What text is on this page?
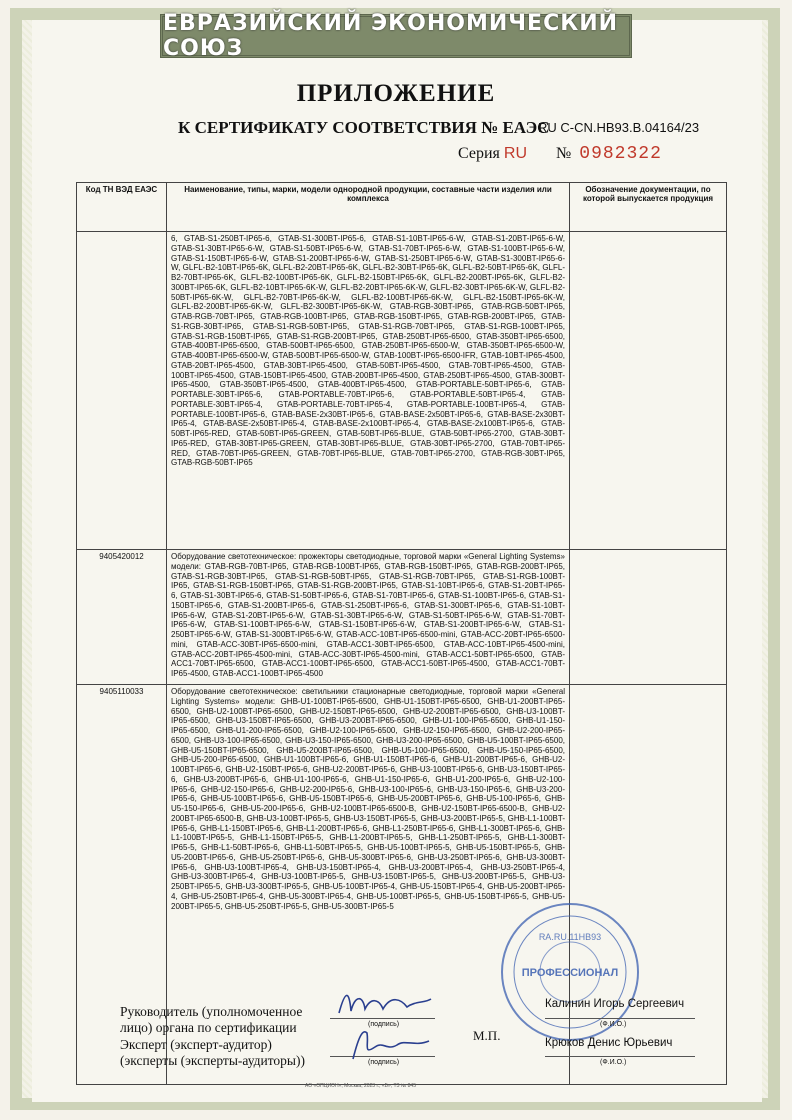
ЕВРАЗИЙСКИЙ ЭКОНОМИЧЕСКИЙ СОЮЗ
ПРИЛОЖЕНИЕ
К СЕРТИФИКАТУ СООТВЕТСТВИЯ № ЕАЭС
RU C-CN.НВ93.В.04164/23
Серия RU № 0982322
Код ТН ВЭД ЕАЭС	Наименование, типы, марки, модели однородной продукции, составные части изделия или комплекса	Обозначение документации, по которой выпускается продукция
	6, GTAB-S1-250BT-IP65-6, GTAB-S1-300BT-IP65-6, GTAB-S1-10BT-IP65-6-W, GTAB-S1-20BT-IP65-6-W, GTAB-S1-30BT-IP65-6-W, GTAB-S1-50BT-IP65-6-W, GTAB-S1-70BT-IP65-6-W, GTAB-S1-100BT-IP65-6-W, GTAB-S1-150BT-IP65-6-W, GTAB-S1-200BT-IP65-6-W, GTAB-S1-250BT-IP65-6-W, GTAB-S1-300BT-IP65-6-W, GLFL-B2-10BT-IP65-6K, GLFL-B2-20BT-IP65-6K, GLFL-B2-30BT-IP65-6K, GLFL-B2-50BT-IP65-6K, GLFL-B2-70BT-IP65-6K, GLFL-B2-100BT-IP65-6K, GLFL-B2-150BT-IP65-6K, GLFL-B2-200BT-IP65-6K, GLFL-B2-300BT-IP65-6K, GLFL-B2-10BT-IP65-6K-W, GLFL-B2-20BT-IP65-6K-W, GLFL-B2-30BT-IP65-6K-W, GLFL-B2-50BT-IP65-6K-W, GLFL-B2-70BT-IP65-6K-W, GLFL-B2-100BT-IP65-6K-W, GLFL-B2-150BT-IP65-6K-W, GLFL-B2-200BT-IP65-6K-W, GLFL-B2-300BT-IP65-6K-W, GTAB-RGB-30BT-IP65, GTAB-RGB-50BT-IP65, GTAB-RGB-70BT-IP65, GTAB-RGB-100BT-IP65, GTAB-RGB-150BT-IP65, GTAB-RGB-200BT-IP65, GTAB-S1-RGB-30BT-IP65, GTAB-S1-RGB-50BT-IP65, GTAB-S1-RGB-70BT-IP65, GTAB-S1-RGB-100BT-IP65, GTAB-S1-RGB-150BT-IP65, GTAB-S1-RGB-200BT-IP65, GTAB-250BT-IP65-6500, GTAB-350BT-IP65-6500, GTAB-400BT-IP65-6500, GTAB-500BT-IP65-6500, GTAB-250BT-IP65-6500-W, GTAB-350BT-IP65-6500-W, GTAB-400BT-IP65-6500-W, GTAB-500BT-IP65-6500-W, GTAB-100BT-IP65-6500-IFR, GTAB-10BT-IP65-4500, GTAB-20BT-IP65-4500, GTAB-30BT-IP65-4500, GTAB-50BT-IP65-4500, GTAB-70BT-IP65-4500, GTAB-100BT-IP65-4500, GTAB-150BT-IP65-4500, GTAB-200BT-IP65-4500, GTAB-250BT-IP65-4500, GTAB-300BT-IP65-4500, GTAB-350BT-IP65-4500, GTAB-400BT-IP65-4500, GTAB-PORTABLE-50BT-IP65-6, GTAB-PORTABLE-30BT-IP65-6, GTAB-PORTABLE-70BT-IP65-6, GTAB-PORTABLE-50BT-IP65-4, GTAB-PORTABLE-30BT-IP65-4, GTAB-PORTABLE-70BT-IP65-4, GTAB-PORTABLE-100BT-IP65-4, GTAB-PORTABLE-100BT-IP65-6, GTAB-BASE-2x30BT-IP65-6, GTAB-BASE-2x50BT-IP65-6, GTAB-BASE-2x30BT-IP65-4, GTAB-BASE-2x50BT-IP65-4, GTAB-BASE-2x100BT-IP65-4, GTAB-BASE-2x100BT-IP65-6, GTAB-50BT-IP65-RED, GTAB-50BT-IP65-GREEN, GTAB-50BT-IP65-BLUE, GTAB-50BT-IP65-2700, GTAB-30BT-IP65-RED, GTAB-30BT-IP65-GREEN, GTAB-30BT-IP65-BLUE, GTAB-30BT-IP65-2700, GTAB-70BT-IP65-RED, GTAB-70BT-IP65-GREEN, GTAB-70BT-IP65-BLUE, GTAB-70BT-IP65-2700, GTAB-RGB-30BT-IP65, GTAB-RGB-50BT-IP65	
9405420012	Оборудование светотехническое: прожекторы светодиодные, торговой марки «General Lighting Systems» модели: GTAB-RGB-70BT-IP65, GTAB-RGB-100BT-IP65, GTAB-RGB-150BT-IP65, GTAB-RGB-200BT-IP65, GTAB-S1-RGB-30BT-IP65, GTAB-S1-RGB-50BT-IP65, GTAB-S1-RGB-70BT-IP65, GTAB-S1-RGB-100BT-IP65, GTAB-S1-RGB-150BT-IP65, GTAB-S1-RGB-200BT-IP65, GTAB-S1-10BT-IP65-6, GTAB-S1-20BT-IP65-6, GTAB-S1-30BT-IP65-6, GTAB-S1-50BT-IP65-6, GTAB-S1-70BT-IP65-6, GTAB-S1-100BT-IP65-6, GTAB-S1-150BT-IP65-6, GTAB-S1-200BT-IP65-6, GTAB-S1-250BT-IP65-6, GTAB-S1-300BT-IP65-6, GTAB-S1-10BT-IP65-6-W, GTAB-S1-20BT-IP65-6-W, GTAB-S1-30BT-IP65-6-W, GTAB-S1-50BT-IP65-6-W, GTAB-S1-70BT-IP65-6-W, GTAB-S1-100BT-IP65-6-W, GTAB-S1-150BT-IP65-6-W, GTAB-S1-200BT-IP65-6-W, GTAB-S1-250BT-IP65-6-W, GTAB-S1-300BT-IP65-6-W, GTAB-ACC-10BT-IP65-6500-mini, GTAB-ACC-20BT-IP65-6500-mini, GTAB-ACC-30BT-IP65-6500-mini, GTAB-ACC1-30BT-IP65-6500, GTAB-ACC-10BT-IP65-4500-mini, GTAB-ACC-20BT-IP65-4500-mini, GTAB-ACC-30BT-IP65-4500-mini, GTAB-ACC1-50BT-IP65-6500, GTAB-ACC1-70BT-IP65-6500, GTAB-ACC1-100BT-IP65-6500, GTAB-ACC1-50BT-IP65-4500, GTAB-ACC1-70BT-IP65-4500, GTAB-ACC1-100BT-IP65-4500	
9405110033	Оборудование светотехническое: светильники стационарные светодиодные, торговой марки «General Lighting Systems» модели: GHB-U1-100BT-IP65-6500, GHB-U1-150BT-IP65-6500, GHB-U1-200BT-IP65-6500, GHB-U2-100BT-IP65-6500, GHB-U2-150BT-IP65-6500, GHB-U2-200BT-IP65-6500, GHB-U3-100BT-IP65-6500, GHB-U3-150BT-IP65-6500, GHB-U3-200BT-IP65-6500, GHB-U1-100-IP65-6500, GHB-U1-150-IP65-6500, GHB-U1-200-IP65-6500, GHB-U2-100-IP65-6500, GHB-U2-150-IP65-6500, GHB-U2-200-IP65-6500, GHB-U3-100-IP65-6500, GHB-U3-150-IP65-6500, GHB-U3-200-IP65-6500, GHB-U5-100BT-IP65-6500, GHB-U5-150BT-IP65-6500, GHB-U5-200BT-IP65-6500, GHB-U5-100-IP65-6500, GHB-U5-150-IP65-6500, GHB-U5-200-IP65-6500, GHB-U1-100BT-IP65-6, GHB-U1-150BT-IP65-6, GHB-U1-200BT-IP65-6, GHB-U2-100BT-IP65-6, GHB-U2-150BT-IP65-6, GHB-U2-200BT-IP65-6, GHB-U3-100BT-IP65-6, GHB-U3-150BT-IP65-6, GHB-U3-200BT-IP65-6, GHB-U1-100-IP65-6, GHB-U1-150-IP65-6, GHB-U1-200-IP65-6, GHB-U2-100-IP65-6, GHB-U2-150-IP65-6, GHB-U2-200-IP65-6, GHB-U3-100-IP65-6, GHB-U3-150-IP65-6, GHB-U3-200-IP65-6, GHB-U5-100BT-IP65-6, GHB-U5-150BT-IP65-6, GHB-U5-200BT-IP65-6, GHB-U5-100-IP65-6, GHB-U5-150-IP65-6, GHB-U5-200-IP65-6, GHB-U2-100BT-IP65-6500-B, GHB-U2-150BT-IP65-6500-B, GHB-U2-200BT-IP65-6500-B, GHB-U3-100BT-IP65-5, GHB-U3-150BT-IP65-5, GHB-U3-200BT-IP65-5, GHB-L1-100BT-IP65-6, GHB-L1-150BT-IP65-6, GHB-L1-200BT-IP65-6, GHB-L1-250BT-IP65-6, GHB-L1-300BT-IP65-6, GHB-L1-100BT-IP65-5, GHB-L1-150BT-IP65-5, GHB-L1-200BT-IP65-5, GHB-L1-250BT-IP65-5, GHB-L1-300BT-IP65-5, GHB-L1-50BT-IP65-6, GHB-L1-50BT-IP65-5, GHB-U5-100BT-IP65-5, GHB-U5-150BT-IP65-5, GHB-U5-200BT-IP65-6, GHB-U5-250BT-IP65-6, GHB-U5-300BT-IP65-6, GHB-U3-250BT-IP65-6, GHB-U3-300BT-IP65-6, GHB-U3-100BT-IP65-4, GHB-U3-150BT-IP65-4, GHB-U3-200BT-IP65-4, GHB-U3-250BT-IP65-4, GHB-U3-300BT-IP65-4, GHB-U3-100BT-IP65-5, GHB-U3-150BT-IP65-5, GHB-U3-200BT-IP65-5, GHB-U3-250BT-IP65-5, GHB-U3-300BT-IP65-5, GHB-U5-100BT-IP65-4, GHB-U5-150BT-IP65-4, GHB-U5-200BT-IP65-4, GHB-U5-250BT-IP65-4, GHB-U5-300BT-IP65-4, GHB-U5-100BT-IP65-5, GHB-U5-150BT-IP65-5, GHB-U5-200BT-IP65-5, GHB-U5-250BT-IP65-5, GHB-U5-300BT-IP65-5	
RA.RU.11НВ93
ПРОФЕССИОНАЛ
Руководитель (уполномоченное
лицо) органа по сертификации	(подпись)
Калинин Игорь Сергеевич
(Ф.И.О.)
М.П.
Эксперт (эксперт-аудитор)
(эксперты (эксперты-аудиторы))	(подпись)
Крюков Денис Юрьевич
(Ф.И.О.)
АО «ОПЦИОН», Москва, 2023 г., «Б», ТЗ № 845
